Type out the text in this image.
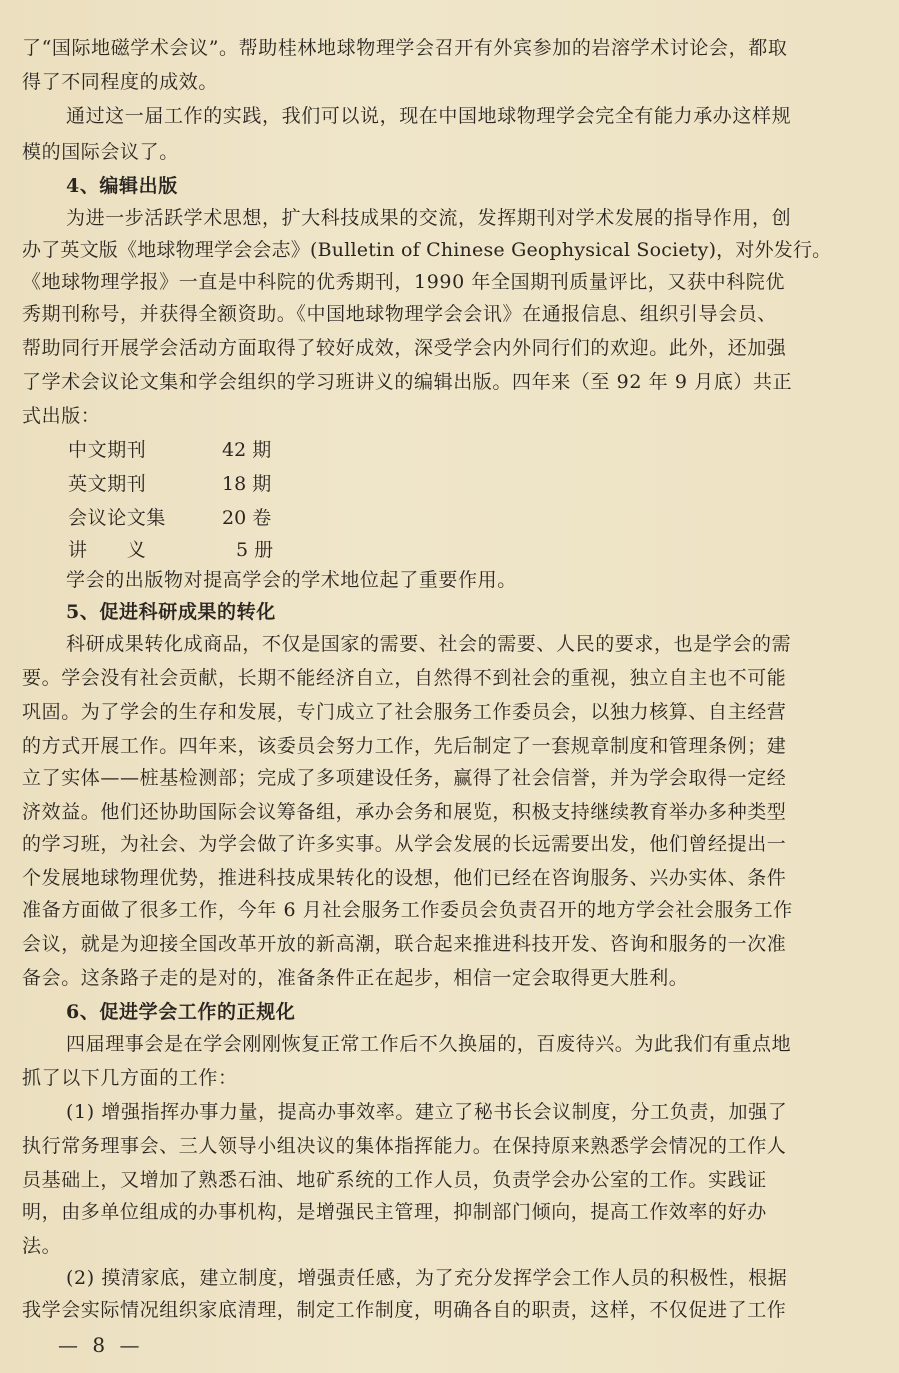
了“国际地磁学术会议”。帮助桂林地球物理学会召开有外宾参加的岩溶学术讨论会，都取
得了不同程度的成效。
通过这一届工作的实践，我们可以说，现在中国地球物理学会完全有能力承办这样规
模的国际会议了。
4、编辑出版
为进一步活跃学术思想，扩大科技成果的交流，发挥期刊对学术发展的指导作用，创
办了英文版《地球物理学会会志》(Bulletin of Chinese Geophysical Society)，对外发行。
《地球物理学报》一直是中科院的优秀期刊，1990 年全国期刊质量评比，又获中科院优
秀期刊称号，并获得全额资助。《中国地球物理学会会讯》在通报信息、组织引导会员、
帮助同行开展学会活动方面取得了较好成效，深受学会内外同行们的欢迎。此外，还加强
了学术会议论文集和学会组织的学习班讲义的编辑出版。四年来（至 92 年 9 月底）共正
式出版：
中文期刊	42 期
英文期刊	18 期
会议论文集	20 卷
讲　　义	5 册
学会的出版物对提高学会的学术地位起了重要作用。
5、促进科研成果的转化
科研成果转化成商品，不仅是国家的需要、社会的需要、人民的要求，也是学会的需
要。学会没有社会贡献，长期不能经济自立，自然得不到社会的重视，独立自主也不可能
巩固。为了学会的生存和发展，专门成立了社会服务工作委员会，以独力核算、自主经营
的方式开展工作。四年来，该委员会努力工作，先后制定了一套规章制度和管理条例；建
立了实体——桩基检测部；完成了多项建设任务，赢得了社会信誉，并为学会取得一定经
济效益。他们还协助国际会议筹备组，承办会务和展览，积极支持继续教育举办多种类型
的学习班，为社会、为学会做了许多实事。从学会发展的长远需要出发，他们曾经提出一
个发展地球物理优势，推进科技成果转化的设想，他们已经在咨询服务、兴办实体、条件
准备方面做了很多工作，今年 6 月社会服务工作委员会负责召开的地方学会社会服务工作
会议，就是为迎接全国改革开放的新高潮，联合起来推进科技开发、咨询和服务的一次准
备会。这条路子走的是对的，准备条件正在起步，相信一定会取得更大胜利。
6、促进学会工作的正规化
四届理事会是在学会刚刚恢复正常工作后不久换届的，百废待兴。为此我们有重点地
抓了以下几方面的工作：
(1) 增强指挥办事力量，提高办事效率。建立了秘书长会议制度，分工负责，加强了
执行常务理事会、三人领导小组决议的集体指挥能力。在保持原来熟悉学会情况的工作人
员基础上，又增加了熟悉石油、地矿系统的工作人员，负责学会办公室的工作。实践证
明，由多单位组成的办事机构，是增强民主管理，抑制部门倾向，提高工作效率的好办
法。
(2) 摸清家底，建立制度，增强责任感，为了充分发挥学会工作人员的积极性，根据
我学会实际情况组织家底清理，制定工作制度，明确各自的职责，这样，不仅促进了工作
— 8 —
